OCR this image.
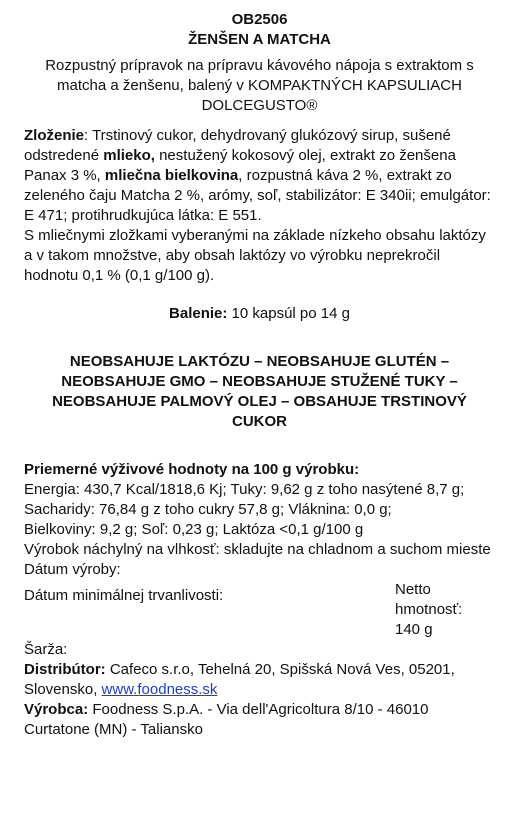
OB2506
ŽENŠEN A MATCHA

Rozpustný prípravok na prípravu kávového nápoja s extraktom s matcha a ženšenu, balený v KOMPAKTNÝCH KAPSULIACH DOLCEGUSTO®

Zloženie: Trstinový cukor, dehydrovaný glukózový sirup, sušené odstredené mlieko, nestužený kokosový olej, extrakt zo ženšena Panax 3 %, mliečna bielkovina, rozpustná káva 2 %, extrakt zo zeleného čaju Matcha 2 %, arómy, soľ, stabilizátor: E 340ii; emulgátor: E 471; protihrudkujúca látka: E 551.

S mliečnymi zložkami vyberanými na základe nízkeho obsahu laktózy a v takom množstve, aby obsah laktózy vo výrobku neprekročil hodnotu 0,1 % (0,1 g/100 g).

Balenie: 10 kapsúl po 14 g

NEOBSAHUJE LAKTÓZU – NEOBSAHUJE GLUTÉN –
NEOBSAHUJE GMO – NEOBSAHUJE STUŽENÉ TUKY –
NEOBSAHUJE PALMOVÝ OLEJ – OBSAHUJE TRSTINOVÝ CUKOR

Priemerné výživové hodnoty na 100 g výrobku:

Energia: 430,7 Kcal/1818,6 Kj; Tuky: 9,62 g z toho nasýtené 8,7 g;

Sacharidy: 76,84 g z toho cukry 57,8 g; Vláknina: 0,0 g;

Bielkoviny: 9,2 g; Soľ: 0,23 g; Laktóza <0,1 g/100 g

Výrobok náchylný na vlhkosť: skladujte na chladnom a suchom mieste

Dátum výroby:

Dátum minimálnej trvanlivosti:	Netto hmotnosť:
140 g

Šarža:

Distribútor: Cafeco s.r.o, Tehelná 20, Spišská Nová Ves, 05201, Slovensko, www.foodness.sk

Výrobca: Foodness S.p.A. - Via dell'Agricoltura 8/10 - 46010 Curtatone (MN) - Taliansko
